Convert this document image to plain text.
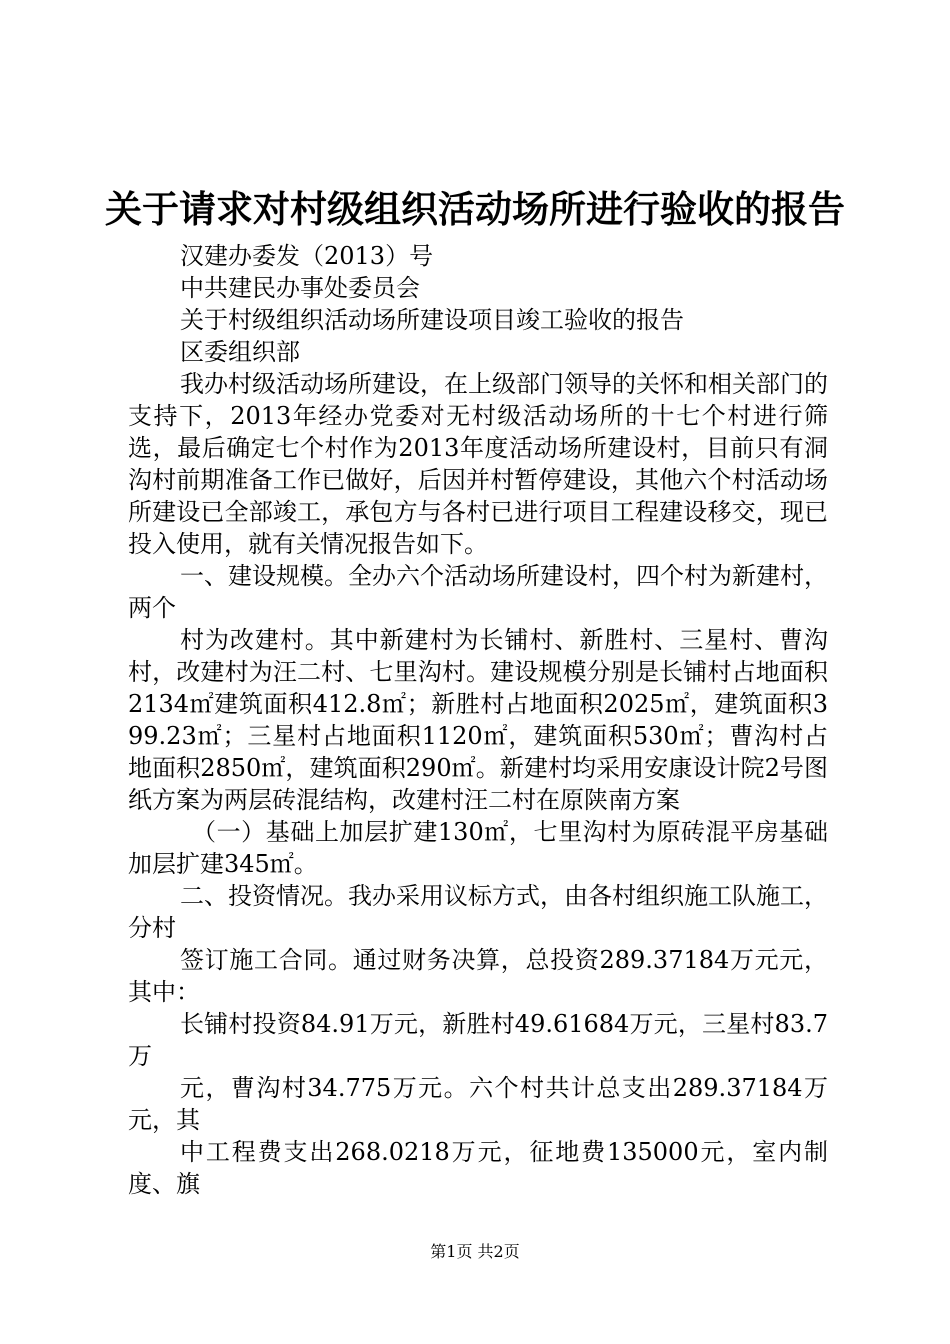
关于请求对村级组织活动场所进行验收的报告

汉建办委发（2013）号

中共建民办事处委员会

关于村级组织活动场所建设项目竣工验收的报告

区委组织部

我办村级活动场所建设，在上级部门领导的关怀和相关部门的支持下，2013年经办党委对无村级活动场所的十七个村进行筛选，最后确定七个村作为2013年度活动场所建设村，目前只有洞沟村前期准备工作已做好，后因并村暂停建设，其他六个村活动场所建设已全部竣工，承包方与各村已进行项目工程建设移交，现已投入使用，就有关情况报告如下。

一、建设规模。全办六个活动场所建设村，四个村为新建村，两个

村为改建村。其中新建村为长铺村、新胜村、三星村、曹沟村，改建村为汪二村、七里沟村。建设规模分别是长铺村占地面积2134㎡建筑面积412.8㎡；新胜村占地面积2025㎡，建筑面积399.23㎡；三星村占地面积1120㎡，建筑面积530㎡；曹沟村占地面积2850㎡，建筑面积290㎡。新建村均采用安康设计院2号图纸方案为两层砖混结构，改建村汪二村在原陕南方案

（一）基础上加层扩建130㎡，七里沟村为原砖混平房基础加层扩建345㎡。

二、投资情况。我办采用议标方式，由各村组织施工队施工，分村

签订施工合同。通过财务决算，总投资289.37184万元元，其中：

长铺村投资84.91万元，新胜村49.61684万元，三星村83.7万

元，曹沟村34.775万元。六个村共计总支出289.37184万元，其

中工程费支出268.0218万元，征地费135000元，室内制度、旗

第1页 共2页
